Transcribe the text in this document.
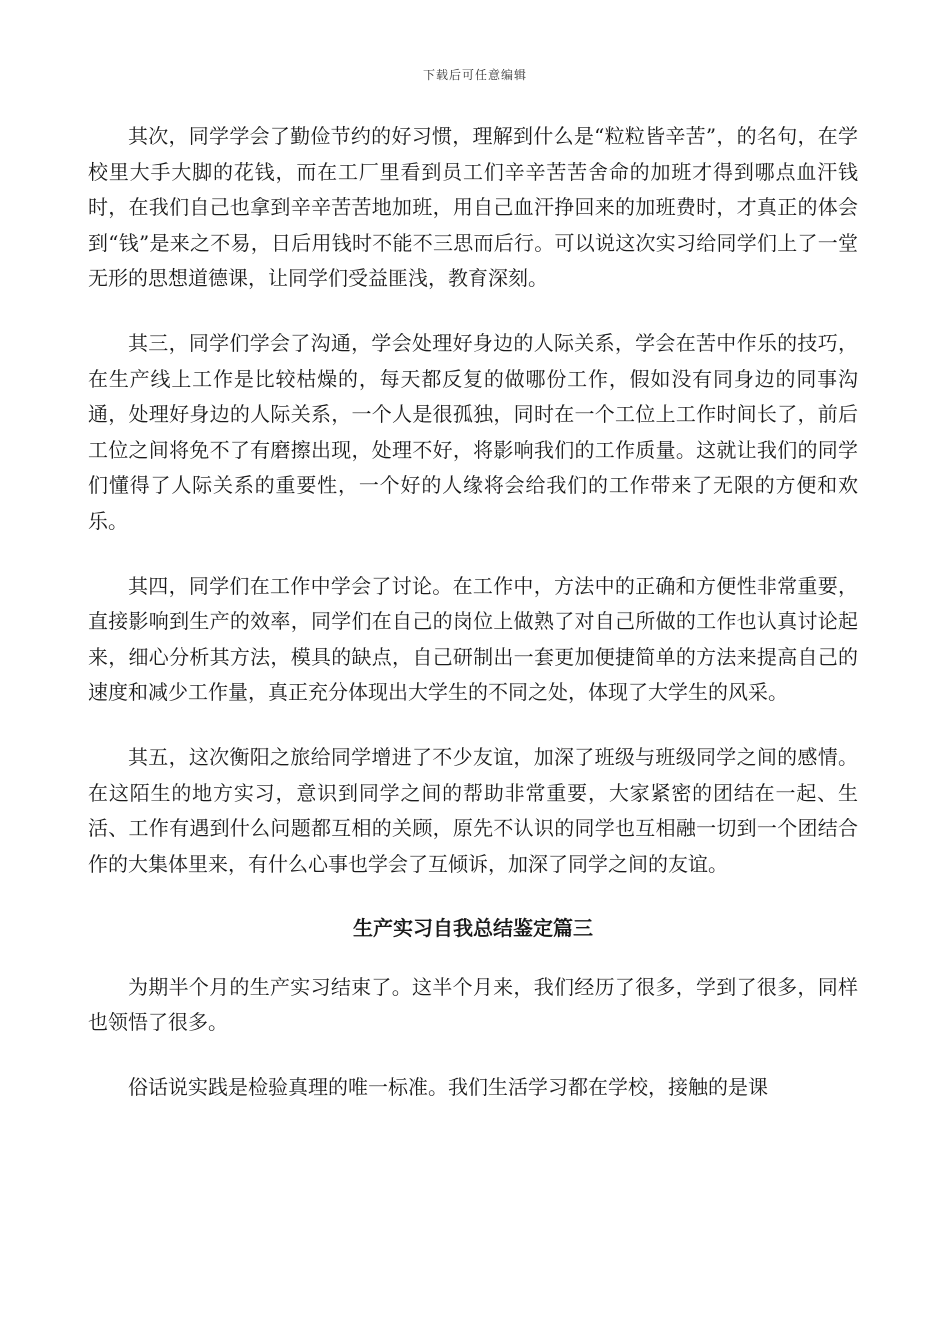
下载后可任意编辑

其次，同学学会了勤俭节约的好习惯，理解到什么是“粒粒皆辛苦”，的名句，在学校里大手大脚的花钱，而在工厂里看到员工们辛辛苦苦舍命的加班才得到哪点血汗钱时，在我们自己也拿到辛辛苦苦地加班，用自己血汗挣回来的加班费时，才真正的体会到“钱”是来之不易，日后用钱时不能不三思而后行。可以说这次实习给同学们上了一堂无形的思想道德课，让同学们受益匪浅，教育深刻。

其三，同学们学会了沟通，学会处理好身边的人际关系，学会在苦中作乐的技巧，在生产线上工作是比较枯燥的，每天都反复的做哪份工作，假如没有同身边的同事沟通，处理好身边的人际关系，一个人是很孤独，同时在一个工位上工作时间长了，前后工位之间将免不了有磨擦出现，处理不好，将影响我们的工作质量。这就让我们的同学们懂得了人际关系的重要性，一个好的人缘将会给我们的工作带来了无限的方便和欢乐。

其四，同学们在工作中学会了讨论。在工作中，方法中的正确和方便性非常重要，直接影响到生产的效率，同学们在自己的岗位上做熟了对自己所做的工作也认真讨论起来，细心分析其方法，模具的缺点，自己研制出一套更加便捷简单的方法来提高自己的速度和减少工作量，真正充分体现出大学生的不同之处，体现了大学生的风采。

其五，这次衡阳之旅给同学增进了不少友谊，加深了班级与班级同学之间的感情。在这陌生的地方实习，意识到同学之间的帮助非常重要，大家紧密的团结在一起、生活、工作有遇到什么问题都互相的关顾，原先不认识的同学也互相融一切到一个团结合作的大集体里来，有什么心事也学会了互倾诉，加深了同学之间的友谊。

生产实习自我总结鉴定篇三

为期半个月的生产实习结束了。这半个月来，我们经历了很多，学到了很多，同样也领悟了很多。

俗话说实践是检验真理的唯一标准。我们生活学习都在学校，接触的是课
